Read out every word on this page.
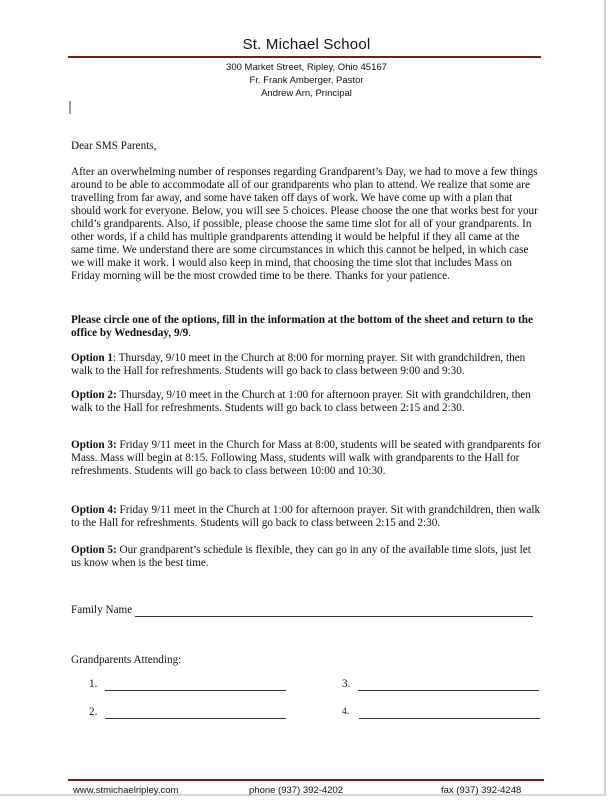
St. Michael School
300 Market Street, Ripley, Ohio 45167
Fr. Frank Amberger, Pastor
Andrew Arn, Principal
Dear SMS Parents,
After an overwhelming number of responses regarding Grandparent’s Day, we had to move a few things around to be able to accommodate all of our grandparents who plan to attend. We realize that some are travelling from far away, and some have taken off days of work. We have come up with a plan that should work for everyone. Below, you will see 5 choices. Please choose the one that works best for your child’s grandparents. Also, if possible, please choose the same time slot for all of your grandparents. In other words, if a child has multiple grandparents attending it would be helpful if they all came at the same time. We understand there are some circumstances in which this cannot be helped, in which case we will make it work. I would also keep in mind, that choosing the time slot that includes Mass on Friday morning will be the most crowded time to be there. Thanks for your patience.
Please circle one of the options, fill in the information at the bottom of the sheet and return to the office by Wednesday, 9/9.
Option 1: Thursday, 9/10 meet in the Church at 8:00 for morning prayer. Sit with grandchildren, then walk to the Hall for refreshments. Students will go back to class between 9:00 and 9:30.
Option 2: Thursday, 9/10 meet in the Church at 1:00 for afternoon prayer. Sit with grandchildren, then walk to the Hall for refreshments. Students will go back to class between 2:15 and 2:30.
Option 3: Friday 9/11 meet in the Church for Mass at 8:00, students will be seated with grandparents for Mass. Mass will begin at 8:15. Following Mass, students will walk with grandparents to the Hall for refreshments. Students will go back to class between 10:00 and 10:30.
Option 4: Friday 9/11 meet in the Church at 1:00 for afternoon prayer. Sit with grandchildren, then walk to the Hall for refreshments. Students will go back to class between 2:15 and 2:30.
Option 5: Our grandparent’s schedule is flexible, they can go in any of the available time slots, just let us know when is the best time.
Family Name
Grandparents Attending:
1.	3.
2.	4.
www.stmichaelripley.com	phone (937) 392-4202	fax (937) 392-4248
